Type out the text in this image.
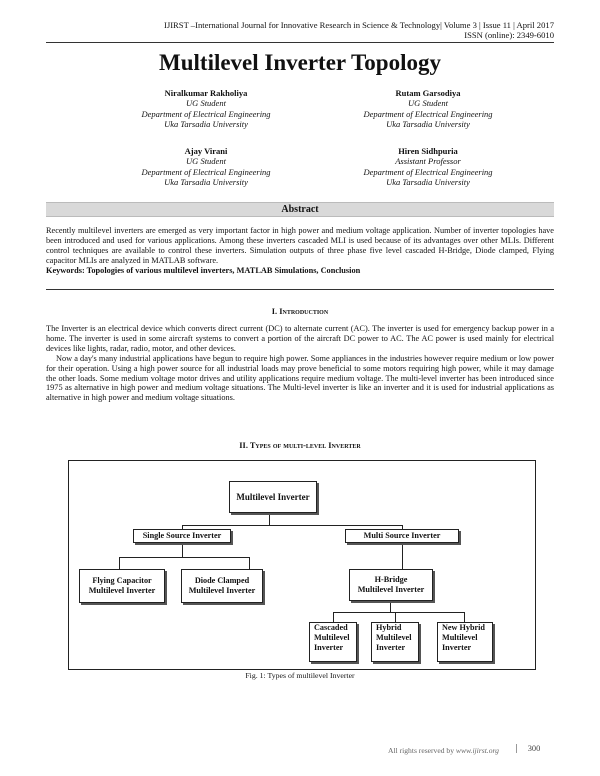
IJIRST –International Journal for Innovative Research in Science & Technology| Volume 3 | Issue 11 | April 2017
ISSN (online): 2349-6010
Multilevel Inverter Topology
Niralkumar Rakholiya
UG Student
Department of Electrical Engineering
Uka Tarsadia University
Rutam Garsodiya
UG Student
Department of Electrical Engineering
Uka Tarsadia University
Ajay Virani
UG Student
Department of Electrical Engineering
Uka Tarsadia University
Hiren Sidhpuria
Assistant Professor
Department of Electrical Engineering
Uka Tarsadia University
Abstract

Recently multilevel inverters are emerged as very important factor in high power and medium voltage application. Number of inverter topologies have been introduced and used for various applications. Among these inverters cascaded MLI is used because of its advantages over other MLIs. Different control techniques are available to control these inverters. Simulation outputs of three phase five level cascaded H-Bridge, Diode clamped, Flying capacitor MLIs are analyzed in MATLAB software.

Keywords: Topologies of various multilevel inverters, MATLAB Simulations, Conclusion

I. Introduction

The Inverter is an electrical device which converts direct current (DC) to alternate current (AC). The inverter is used for emergency backup power in a home. The inverter is used in some aircraft systems to convert a portion of the aircraft DC power to AC. The AC power is used mainly for electrical devices like lights, radar, radio, motor, and other devices.

Now a day's many industrial applications have begun to require high power. Some appliances in the industries however require medium or low power for their operation. Using a high power source for all industrial loads may prove beneficial to some motors requiring high power, while it may damage the other loads. Some medium voltage motor drives and utility applications require medium voltage. The multi-level inverter has been introduced since 1975 as alternative in high power and medium voltage situations. The Multi-level inverter is like an inverter and it is used for industrial applications as alternative in high power and medium voltage situations.

II. Types of multi-level Inverter
Multilevel Inverter
Single Source Inverter	Multi Source Inverter
Flying Capacitor
Multilevel Inverter
Diode Clamped
Multilevel Inverter
H-Bridge
Multilevel Inverter
Cascaded
Multilevel
Inverter
Hybrid
Multilevel
Inverter
New Hybrid
Multilevel
Inverter
Fig. 1: Types of multilevel Inverter
All rights reserved by www.ijirst.org	300
